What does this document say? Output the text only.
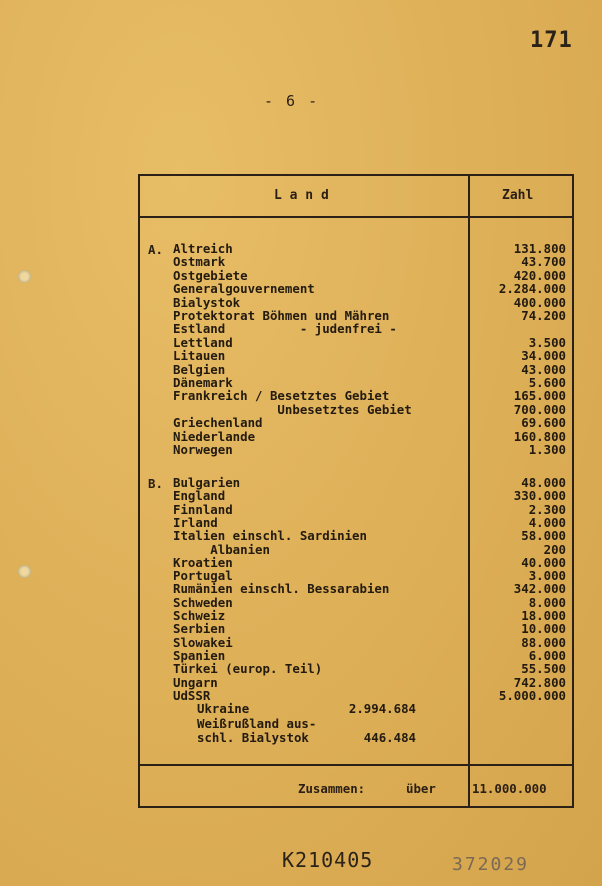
171
- 6 -
L a n d	Zahl
A. Altreich	131.800
Ostmark	43.700
Ostgebiete	420.000
Generalgouvernement	2.284.000
Bialystok	400.000
Protektorat Böhmen und Mähren	74.200
Estland          - judenfrei -
Lettland	3.500
Litauen	34.000
Belgien	43.000
Dänemark	5.600
Frankreich / Besetztes Gebiet	165.000
Unbesetztes Gebiet	700.000
Griechenland	69.600
Niederlande	160.800
Norwegen	1.300
B. Bulgarien	48.000
England	330.000
Finnland	2.300
Irland	4.000
Italien einschl. Sardinien	58.000
Albanien	200
Kroatien	40.000
Portugal	3.000
Rumänien einschl. Bessarabien	342.000
Schweden	8.000
Schweiz	18.000
Serbien	10.000
Slowakei	88.000
Spanien	6.000
Türkei (europ. Teil)	55.500
Ungarn	742.800
UdSSR	5.000.000
Ukraine	2.994.684
Weißrußland aus-
schl. Bialystok	446.484
Zusammen:	über	11.000.000
K210405	372029
